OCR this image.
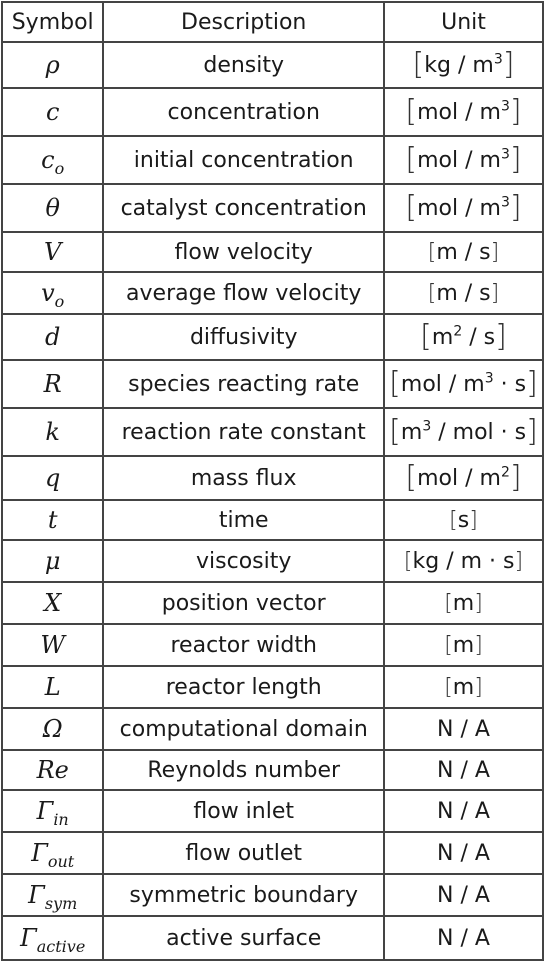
Symbol	Description	Unit
ρ	density	$[kg / m^3]$
c	concentration	$[mol / m^3]$
$c_o$	initial concentration	$[mol / m^3]$
θ	catalyst concentration	$[mol / m^3]$
V	flow velocity	[m / s]
$v_o$	average flow velocity	[m / s]
d	diffusivity	$[m^2 / s]$
R	species reacting rate	$[mol / m^3 \cdot s]$
k	reaction rate constant	[$m^3$ / mol · s]
q	mass flux	$[mol / m^2]$
t	time	[s]
μ	viscosity	[kg / m · s]
X	position vector	[m]
W	reactor width	[m]
L	reactor length	[m]
Ω	computational domain	N / A
Re	Reynolds number	N / A
$\Gamma_{in}$	flow inlet	N / A
$\Gamma_{out}$	flow outlet	N / A
$\Gamma_{sym}$	symmetric boundary	N / A
$\Gamma_{active}$	active surface	N / A
